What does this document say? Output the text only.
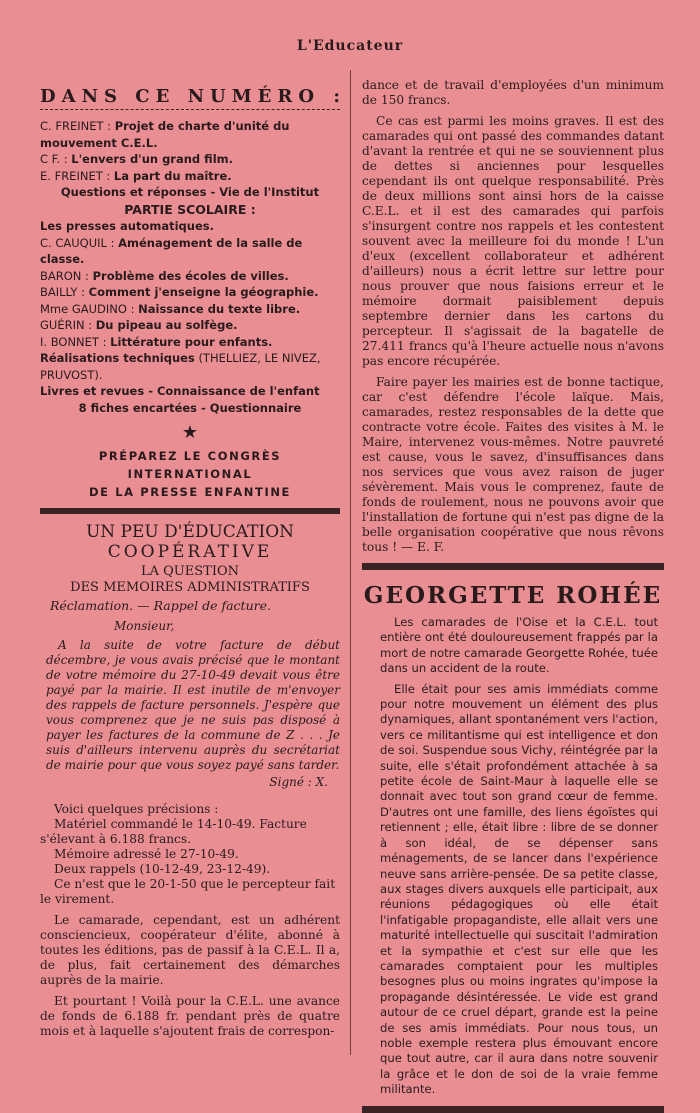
L'Educateur
DANS CE NUMÉRO :
C. FREINET : Projet de charte d'unité du mouvement C.E.L.
C F. : L'envers d'un grand film.
E. FREINET : La part du maître.
Questions et réponses - Vie de l'Institut
PARTIE SCOLAIRE :
Les presses automatiques.
C. CAUQUIL : Aménagement de la salle de classe.
BARON : Problème des écoles de villes.
BAILLY : Comment j'enseigne la géographie.
Mme GAUDINO : Naissance du texte libre.
GUÉRIN : Du pipeau au solfège.
I. BONNET : Littérature pour enfants.
Réalisations techniques (THELLIEZ, LE NIVEZ, PRUVOST).
Livres et revues - Connaissance de l'enfant
8 fiches encartées - Questionnaire
★
PRÉPAREZ LE CONGRÈS INTERNATIONAL
DE LA PRESSE ENFANTINE
UN PEU D'ÉDUCATION
COOPÉRATIVE
LA QUESTION
DES MEMOIRES ADMINISTRATIFS
Réclamation. — Rappel de facture.
Monsieur,

A la suite de votre facture de début décembre, je vous avais précisé que le montant de votre mémoire du 27-10-49 devait vous être payé par la mairie. Il est inutile de m'envoyer des rappels de facture personnels. J'espère que vous comprenez que je ne suis pas disposé à payer les factures de la commune de Z . . . Je suis d'ailleurs intervenu auprès du secrétariat de mairie pour que vous soyez payé sans tarder.

Signé : X.

Voici quelques précisions :

Matériel commandé le 14-10-49. Facture s'élevant à 6.188 francs.

Mémoire adressé le 27-10-49.

Deux rappels (10-12-49, 23-12-49).

Ce n'est que le 20-1-50 que le percepteur fait le virement.

Le camarade, cependant, est un adhérent consciencieux, coopérateur d'élite, abonné à toutes les éditions, pas de passif à la C.E.L. Il a, de plus, fait certainement des démarches auprès de la mairie.

Et pourtant ! Voilà pour la C.E.L. une avance de fonds de 6.188 fr. pendant près de quatre mois et à laquelle s'ajoutent frais de correspon-

dance et de travail d'employées d'un minimum de 150 francs.

Ce cas est parmi les moins graves. Il est des camarades qui ont passé des commandes datant d'avant la rentrée et qui ne se souviennent plus de dettes si anciennes pour lesquelles cependant ils ont quelque responsabilité. Près de deux millions sont ainsi hors de la caisse C.E.L. et il est des camarades qui parfois s'insurgent contre nos rappels et les contestent souvent avec la meilleure foi du monde ! L'un d'eux (excellent collaborateur et adhérent d'ailleurs) nous a écrit lettre sur lettre pour nous prouver que nous faisions erreur et le mémoire dormait paisiblement depuis septembre dernier dans les cartons du percepteur. Il s'agissait de la bagatelle de 27.411 francs qu'à l'heure actuelle nous n'avons pas encore récupérée.

Faire payer les mairies est de bonne tactique, car c'est défendre l'école laïque. Mais, camarades, restez responsables de la dette que contracte votre école. Faites des visites à M. le Maire, intervenez vous-mêmes. Notre pauvreté est cause, vous le savez, d'insuffisances dans nos services que vous avez raison de juger sévèrement. Mais vous le comprenez, faute de fonds de roulement, nous ne pouvons avoir que l'installation de fortune qui n'est pas digne de la belle organisation coopérative que nous rêvons tous ! — E. F.

GEORGETTE ROHÉE

Les camarades de l'Oise et la C.E.L. tout entière ont été douloureusement frappés par la mort de notre camarade Georgette Rohée, tuée dans un accident de la route.

Elle était pour ses amis immédiats comme pour notre mouvement un élément des plus dynamiques, allant spontanément vers l'action, vers ce militantisme qui est intelligence et don de soi. Suspendue sous Vichy, réintégrée par la suite, elle s'était profondément attachée à sa petite école de Saint-Maur à laquelle elle se donnait avec tout son grand cœur de femme. D'autres ont une famille, des liens égoïstes qui retiennent ; elle, était libre : libre de se donner à son idéal, de se dépenser sans ménagements, de se lancer dans l'expérience neuve sans arrière-pensée. De sa petite classe, aux stages divers auxquels elle participait, aux réunions pédagogiques où elle était l'infatigable propagandiste, elle allait vers une maturité intellectuelle qui suscitait l'admiration et la sympathie et c'est sur elle que les camarades comptaient pour les multiples besognes plus ou moins ingrates qu'impose la propagande désintéressée. Le vide est grand autour de ce cruel départ, grande est la peine de ses amis immédiats. Pour nous tous, un noble exemple restera plus émouvant encore que tout autre, car il aura dans notre souvenir la grâce et le don de soi de la vraie femme militante.
